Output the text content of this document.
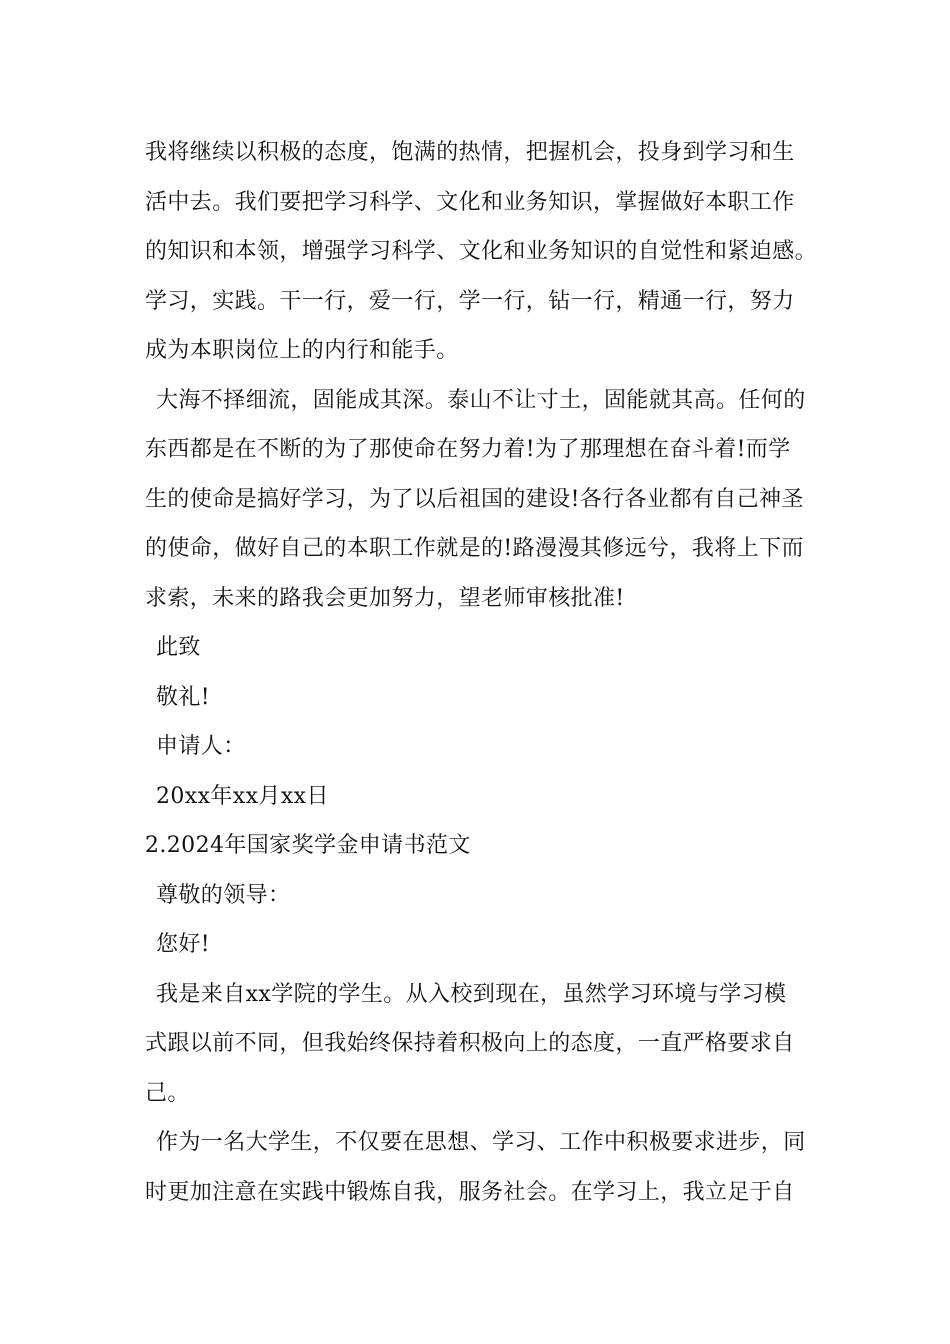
我将继续以积极的态度，饱满的热情，把握机会，投身到学习和生
活中去。我们要把学习科学、文化和业务知识，掌握做好本职工作
的知识和本领，增强学习科学、文化和业务知识的自觉性和紧迫感。
学习，实践。干一行，爱一行，学一行，钻一行，精通一行，努力
成为本职岗位上的内行和能手。
大海不择细流，固能成其深。泰山不让寸土，固能就其高。任何的
东西都是在不断的为了那使命在努力着!为了那理想在奋斗着!而学
生的使命是搞好学习，为了以后祖国的建设!各行各业都有自己神圣
的使命，做好自己的本职工作就是的!路漫漫其修远兮，我将上下而
求索，未来的路我会更加努力，望老师审核批准!
此致
敬礼!
申请人：
20xx年xx月xx日
2.2024年国家奖学金申请书范文
尊敬的领导：
您好!
我是来自xx学院的学生。从入校到现在，虽然学习环境与学习模
式跟以前不同，但我始终保持着积极向上的态度，一直严格要求自
己。
作为一名大学生，不仅要在思想、学习、工作中积极要求进步，同
时更加注意在实践中锻炼自我，服务社会。在学习上，我立足于自
